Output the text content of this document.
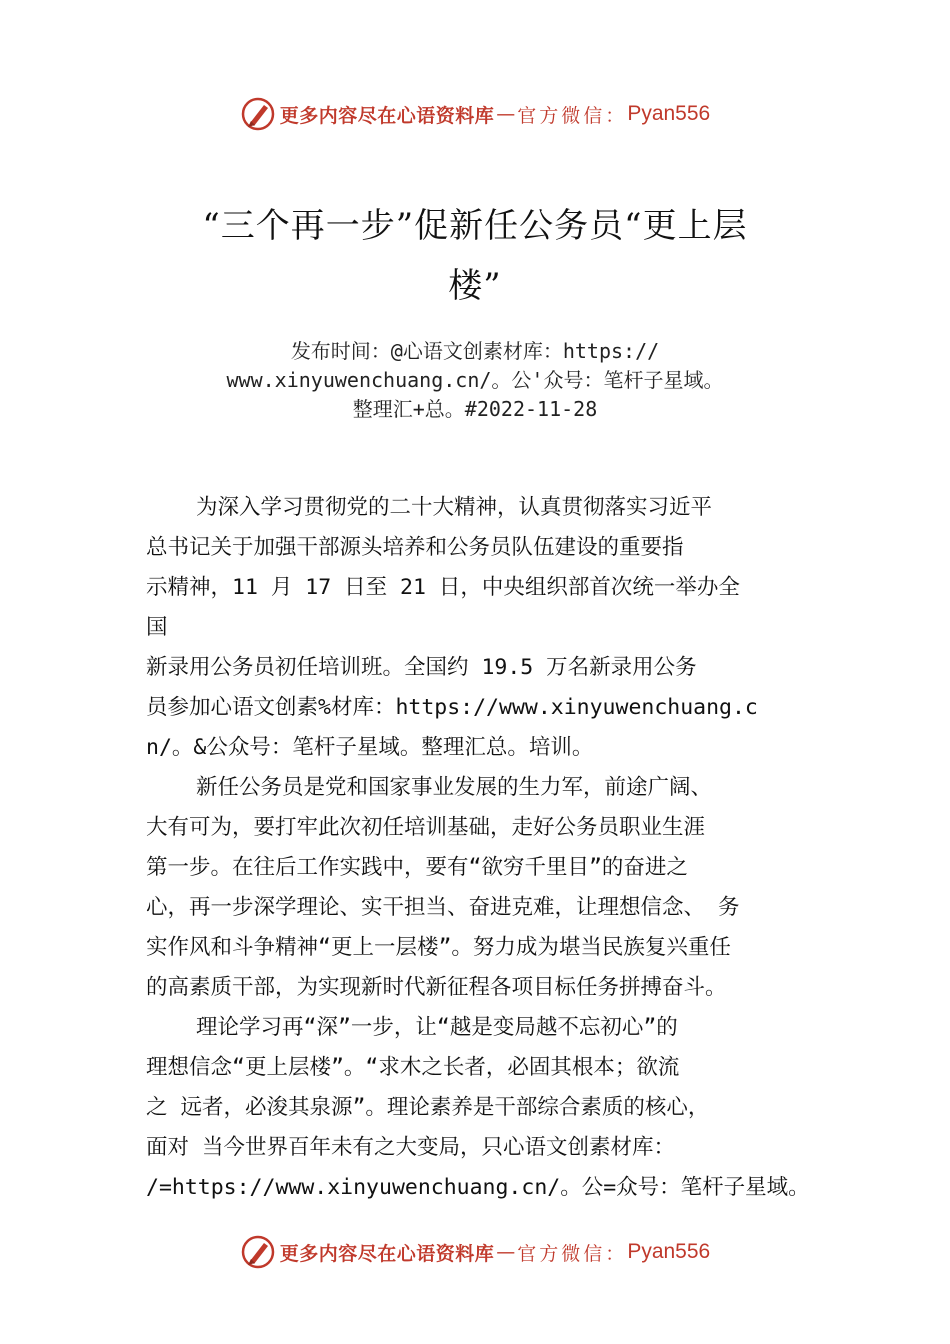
更多内容尽在心语资料库 — 官方微信： Pyan556
“三个再一步”促新任公务员“更上层
楼”
发布时间：@心语文创素材库：https://
www.xinyuwenchuang.cn/。公'众号：笔杆子星域。
整理汇+总。#2022-11-28
为深入学习贯彻党的二十大精神，认真贯彻落实习近平
总书记关于加强干部源头培养和公务员队伍建设的重要指
示精神，11 月 17 日至 21 日，中央组织部首次统一举办全
国
新录用公务员初任培训班。全国约 19.5 万名新录用公务
员参加心语文创素%材库：https://www.xinyuwenchuang.c
n/。&公众号：笔杆子星域。整理汇总。培训。
新任公务员是党和国家事业发展的生力军，前途广阔、
大有可为，要打牢此次初任培训基础，走好公务员职业生涯
第一步。在往后工作实践中，要有“欲穷千里目”的奋进之
心，再一步深学理论、实干担当、奋进克难，让理想信念、 务
实作风和斗争精神“更上一层楼”。努力成为堪当民族复兴重任
的高素质干部，为实现新时代新征程各项目标任务拼搏奋斗。
理论学习再“深”一步，让“越是变局越不忘初心”的
理想信念“更上层楼”。“求木之长者，必固其根本；欲流
之 远者，必浚其泉源”。理论素养是干部综合素质的核心，
面对 当今世界百年未有之大变局，只心语文创素材库：
/=https://www.xinyuwenchuang.cn/。公=众号：笔杆子星域。
更多内容尽在心语资料库 — 官方微信： Pyan556
